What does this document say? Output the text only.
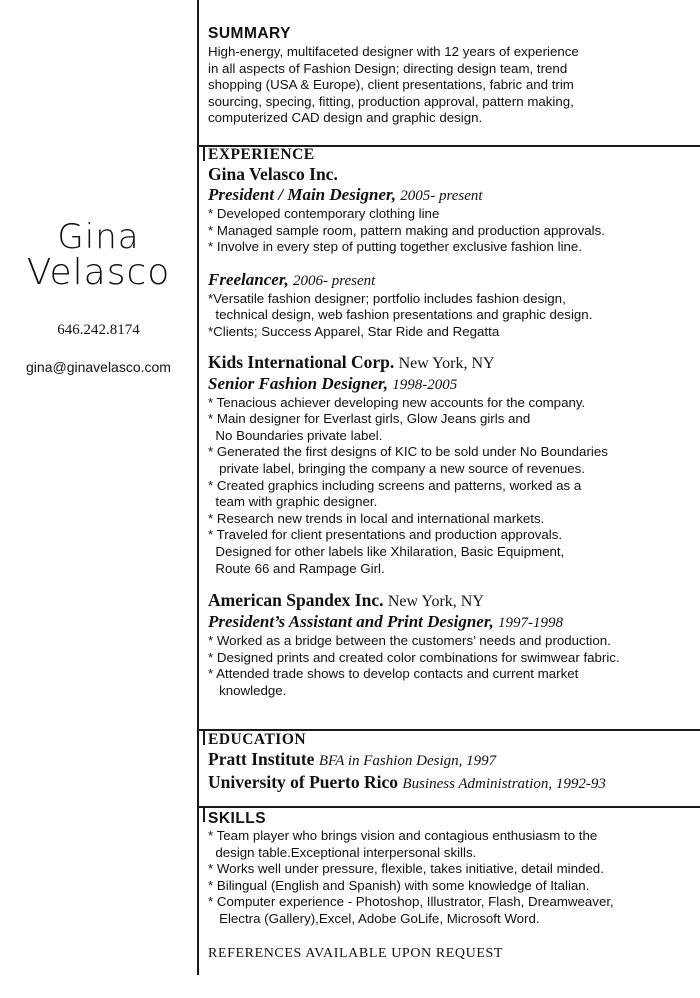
Gina
Velasco
646.242.8174
gina@ginavelasco.com
SUMMARY
High-energy, multifaceted designer with 12 years of experience
in all aspects of Fashion Design; directing design team, trend
shopping (USA & Europe), client presentations, fabric and trim
sourcing, specing, fitting, production approval, pattern making,
computerized CAD design and graphic design.
EXPERIENCE
Gina Velasco Inc.
President / Main Designer, 2005- present
* Developed contemporary clothing line
* Managed sample room, pattern making and production approvals.
* Involve in every step of putting together exclusive fashion line.
Freelancer, 2006- present
*Versatile fashion designer; portfolio includes fashion design,
technical design, web fashion presentations and graphic design.
*Clients; Success Apparel, Star Ride and Regatta
Kids International Corp. New York, NY
Senior Fashion Designer, 1998-2005
* Tenacious achiever developing new accounts for the company.
* Main designer for Everlast girls, Glow Jeans girls and
No Boundaries private label.
* Generated the first designs of KIC to be sold under No Boundaries
private label, bringing the company a new source of revenues.
* Created graphics including screens and patterns, worked as a
team with graphic designer.
* Research new trends in local and international markets.
* Traveled for client presentations and production approvals.
Designed for other labels like Xhilaration, Basic Equipment,
Route 66 and Rampage Girl.
American Spandex Inc. New York, NY
President’s Assistant and Print Designer, 1997-1998
* Worked as a bridge between the customers’ needs and production.
* Designed prints and created color combinations for swimwear fabric.
* Attended trade shows to develop contacts and current market
knowledge.
EDUCATION
Pratt Institute BFA in Fashion Design, 1997
University of Puerto Rico Business Administration, 1992-93
SKILLS
* Team player who brings vision and contagious enthusiasm to the
design table.Exceptional interpersonal skills.
* Works well under pressure, flexible, takes initiative, detail minded.
* Bilingual (English and Spanish) with some knowledge of Italian.
* Computer experience - Photoshop, Illustrator, Flash, Dreamweaver,
Electra (Gallery),Excel, Adobe GoLife, Microsoft Word.
REFERENCES AVAILABLE UPON REQUEST
